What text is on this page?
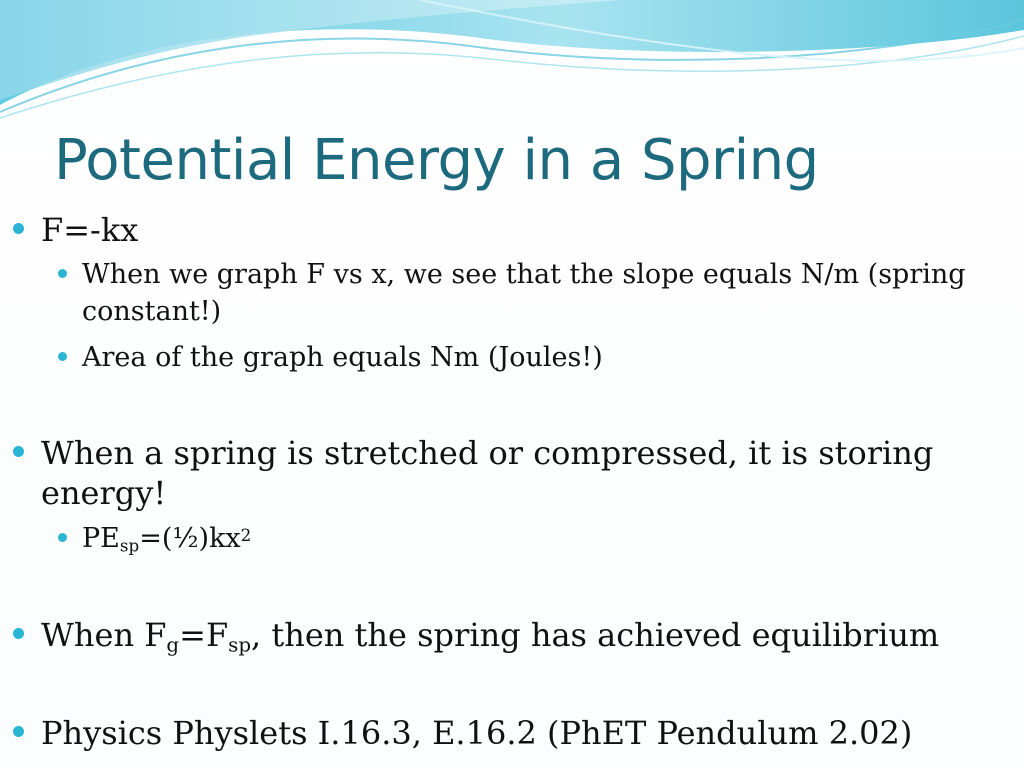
Potential Energy in a Spring
F=-kx
When we graph F vs x, we see that the slope equals N/m (spring constant!)
Area of the graph equals Nm (Joules!)
When a spring is stretched or compressed, it is storing energy!
$PE_{sp}=(\frac{1}{2})kx^2$
When $F_g=F_{sp}$, then the spring has achieved equilibrium
Physics Physlets I.16.3, E.16.2 (PhET Pendulum 2.02)
